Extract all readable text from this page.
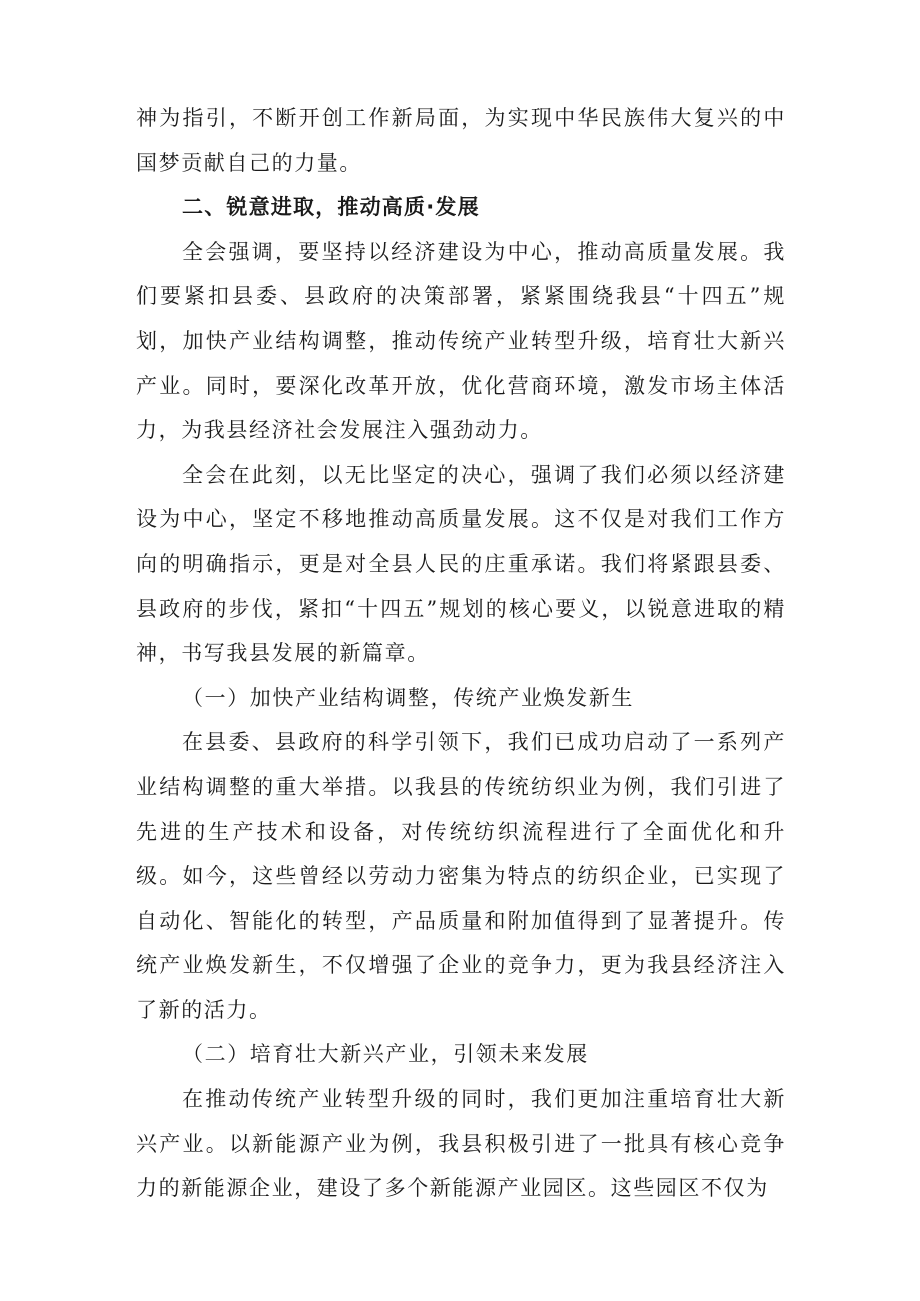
神为指引，不断开创工作新局面，为实现中华民族伟大复兴的中国梦贡献自己的力量。

二、锐意进取，推动高质·发展

全会强调，要坚持以经济建设为中心，推动高质量发展。我们要紧扣县委、县政府的决策部署，紧紧围绕我县“十四五”规划，加快产业结构调整，推动传统产业转型升级，培育壮大新兴产业。同时，要深化改革开放，优化营商环境，激发市场主体活力，为我县经济社会发展注入强劲动力。

全会在此刻，以无比坚定的决心，强调了我们必须以经济建设为中心，坚定不移地推动高质量发展。这不仅是对我们工作方向的明确指示，更是对全县人民的庄重承诺。我们将紧跟县委、县政府的步伐，紧扣“十四五”规划的核心要义，以锐意进取的精神，书写我县发展的新篇章。

（一）加快产业结构调整，传统产业焕发新生

在县委、县政府的科学引领下，我们已成功启动了一系列产业结构调整的重大举措。以我县的传统纺织业为例，我们引进了先进的生产技术和设备，对传统纺织流程进行了全面优化和升级。如今，这些曾经以劳动力密集为特点的纺织企业，已实现了自动化、智能化的转型，产品质量和附加值得到了显著提升。传统产业焕发新生，不仅增强了企业的竞争力，更为我县经济注入了新的活力。

（二）培育壮大新兴产业，引领未来发展

在推动传统产业转型升级的同时，我们更加注重培育壮大新兴产业。以新能源产业为例，我县积极引进了一批具有核心竞争力的新能源企业，建设了多个新能源产业园区。这些园区不仅为
